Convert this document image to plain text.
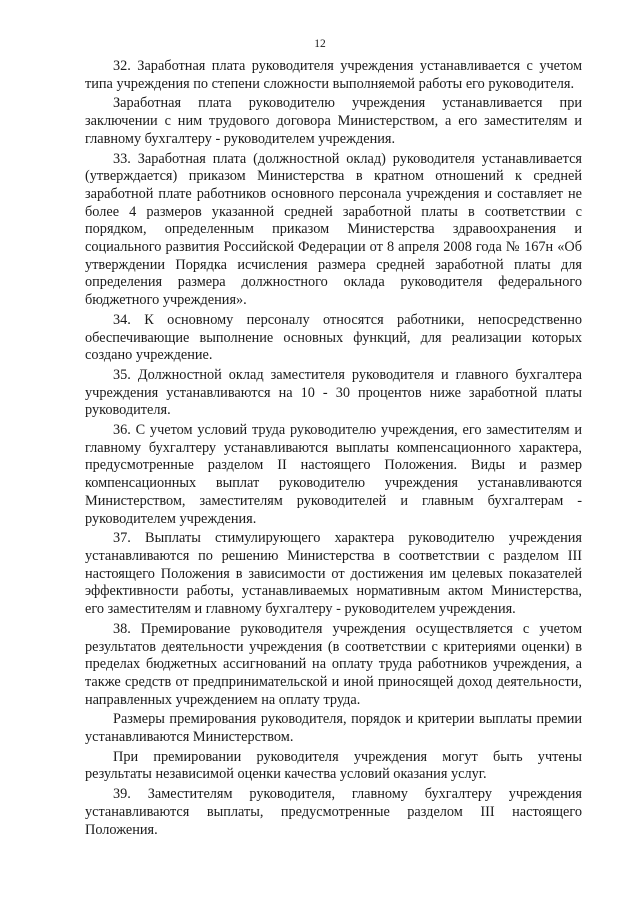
12

32. Заработная плата руководителя учреждения устанавливается с учетом типа учреждения по степени сложности выполняемой работы его руководителя.

Заработная плата руководителю учреждения устанавливается при заключении с ним трудового договора Министерством, а его заместителям и главному бухгалтеру - руководителем учреждения.

33. Заработная плата (должностной оклад) руководителя устанавливается (утверждается) приказом Министерства в кратном отношений к средней заработной плате работников основного персонала учреждения и составляет не более 4 размеров указанной средней заработной платы в соответствии с порядком, определенным приказом Министерства здравоохранения и социального развития Российской Федерации от 8 апреля 2008 года № 167н «Об утверждении Порядка исчисления размера средней заработной платы для определения размера должностного оклада руководителя федерального бюджетного учреждения».

34. К основному персоналу относятся работники, непосредственно обеспечивающие выполнение основных функций, для реализации которых создано учреждение.

35. Должностной оклад заместителя руководителя и главного бухгалтера учреждения устанавливаются на 10 - 30 процентов ниже заработной платы руководителя.

36. С учетом условий труда руководителю учреждения, его заместителям и главному бухгалтеру устанавливаются выплаты компенсационного характера, предусмотренные разделом II настоящего Положения. Виды и размер компенсационных выплат руководителю учреждения устанавливаются Министерством, заместителям руководителей и главным бухгалтерам - руководителем учреждения.

37. Выплаты стимулирующего характера руководителю учреждения устанавливаются по решению Министерства в соответствии с разделом III настоящего Положения в зависимости от достижения им целевых показателей эффективности работы, устанавливаемых нормативным актом Министерства, его заместителям и главному бухгалтеру - руководителем учреждения.

38. Премирование руководителя учреждения осуществляется с учетом результатов деятельности учреждения (в соответствии с критериями оценки) в пределах бюджетных ассигнований на оплату труда работников учреждения, а также средств от предпринимательской и иной приносящей доход деятельности, направленных учреждением на оплату труда.

Размеры премирования руководителя, порядок и критерии выплаты премии устанавливаются Министерством.

При премировании руководителя учреждения могут быть учтены результаты независимой оценки качества условий оказания услуг.

39. Заместителям руководителя, главному бухгалтеру учреждения устанавливаются выплаты, предусмотренные разделом III настоящего Положения.
